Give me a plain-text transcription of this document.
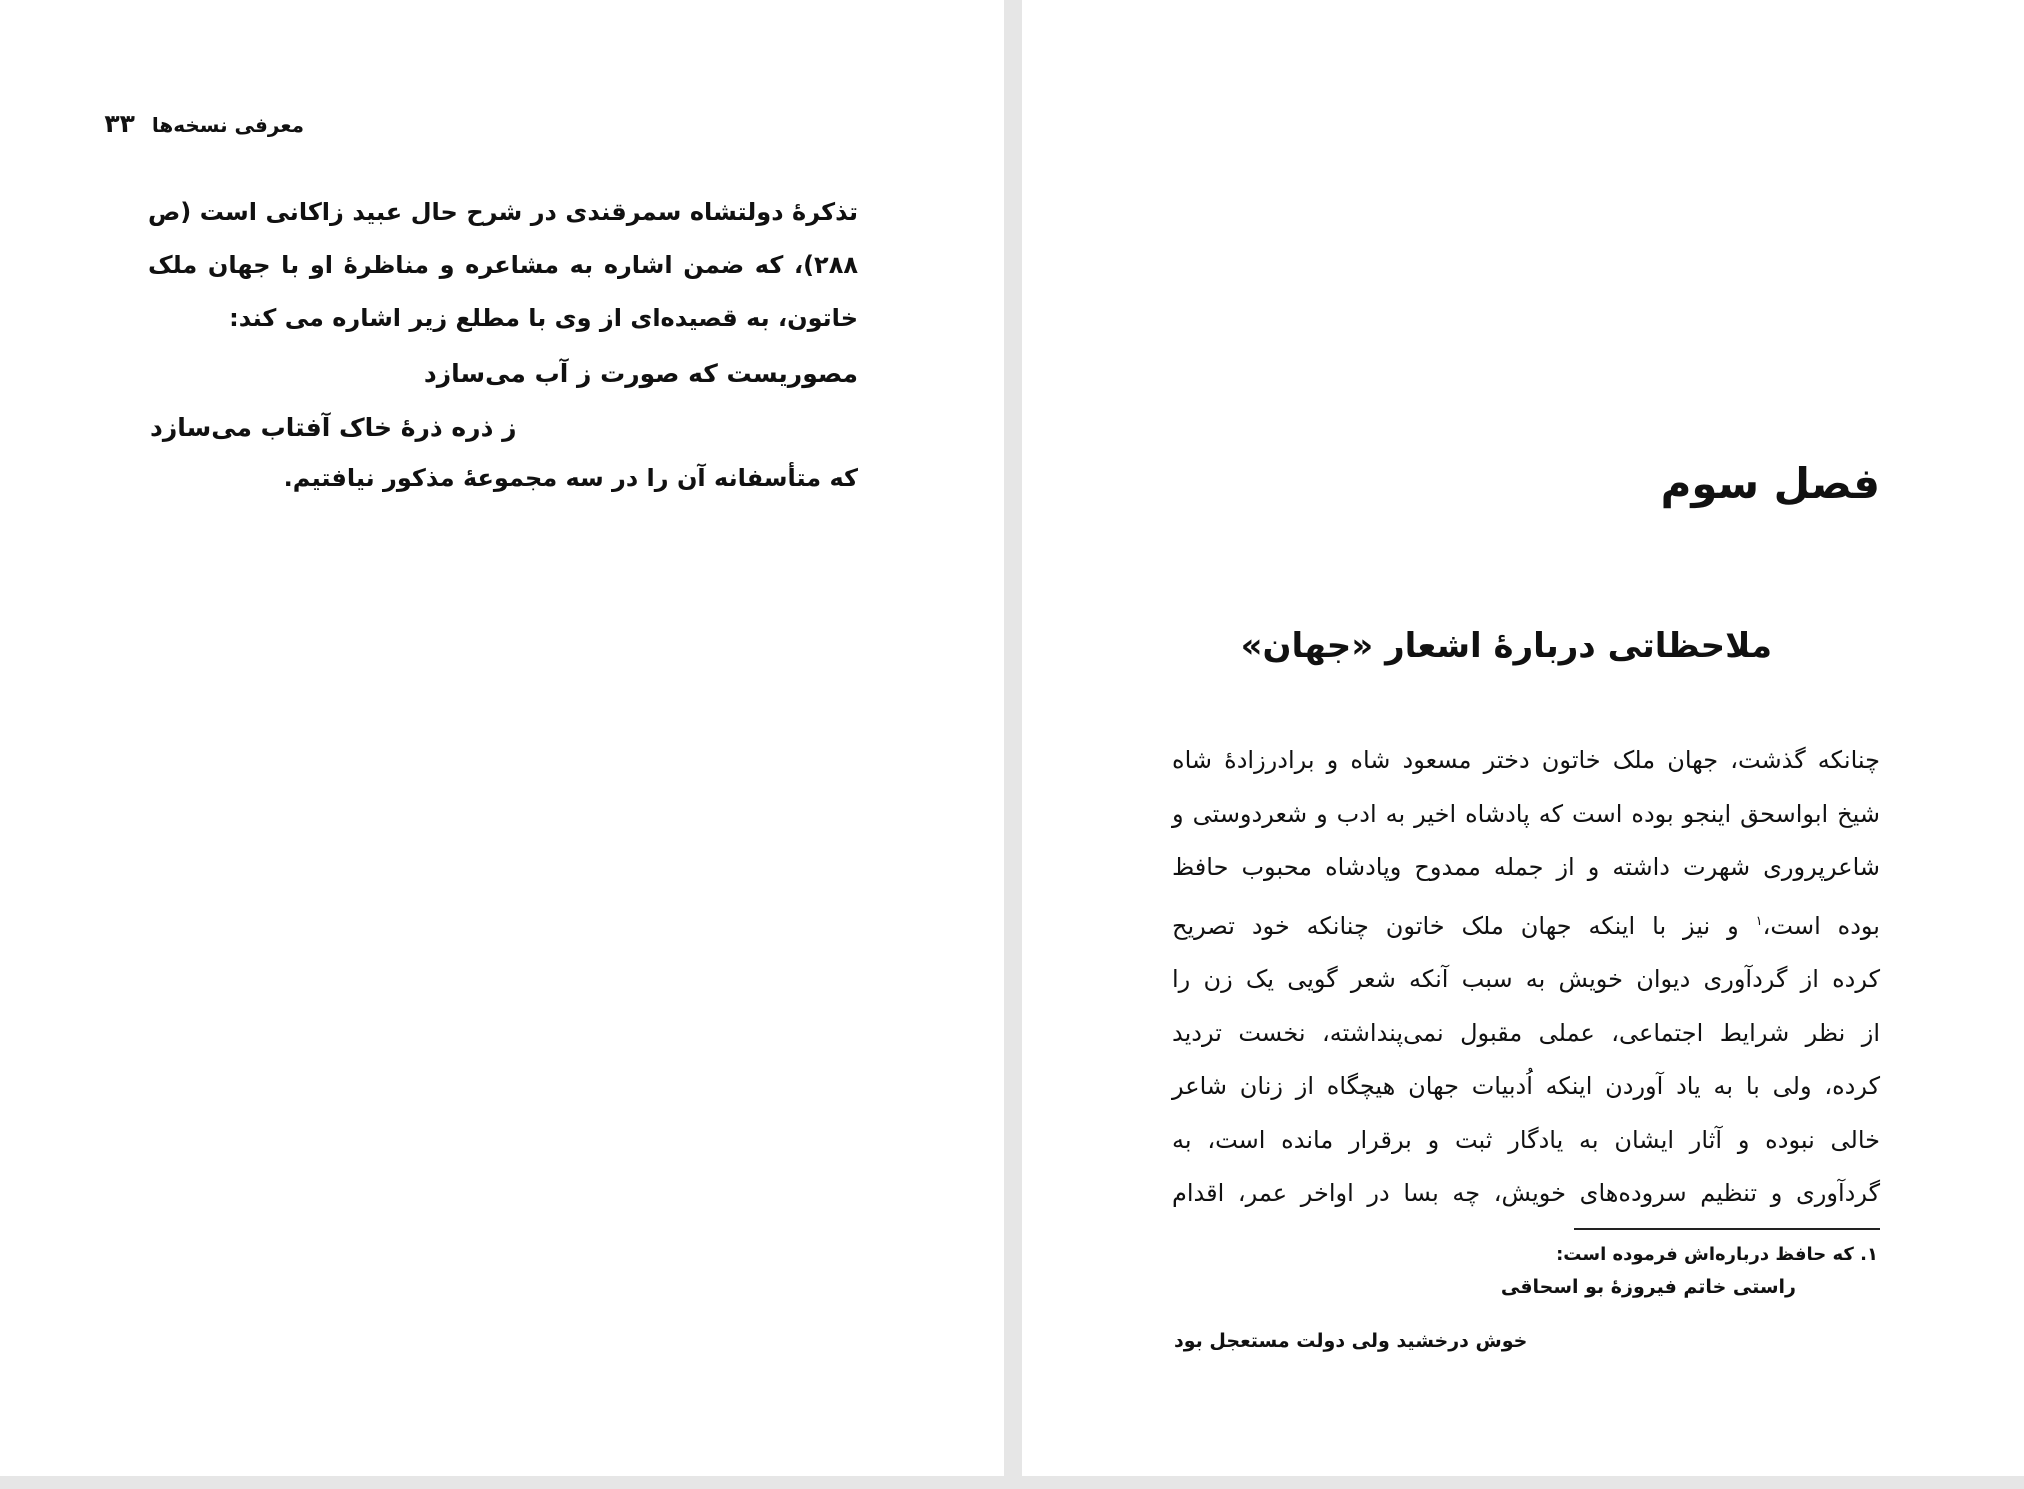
معرفی نسخه‌ها ۳۳

تذکرهٔ دولتشاه سمرقندی در شرح حال عبید زاکانی است (ص ۲۸۸)، که ضمن اشاره به مشاعره و مناظرهٔ او با جهان ملک خاتون، به قصیده‌ای از وی با مطلع زیر اشاره می کند:

مصوریست که صورت ز آب می‌سازد
ز ذره ذرهٔ خاک آفتاب می‌سازد
که متأسفانه آن را در سه مجموعهٔ مذکور نیافتیم.	فصل سوم
ملاحظاتی دربارهٔ اشعار «جهان»
چنانکه گذشت، جهان ملک خاتون دختر مسعود شاه و برادرزادهٔ شاه
شیخ ابواسحق اینجو بوده است که پادشاه اخیر به ادب و شعردوستی و
شاعرپروری شهرت داشته و از جمله ممدوح وپادشاه محبوب حافظ
بوده است،$^۱$ و نیز با اینکه جهان ملک خاتون چنانکه خود تصریح
کرده از گردآوری دیوان خویش به سبب آنکه شعر گویی یک زن را
از نظر شرایط اجتماعی، عملی مقبول نمی‌پنداشته، نخست تردید
کرده، ولی با به یاد آوردن اینکه اُدبیات جهان هیچگاه از زنان شاعر
خالی نبوده و آثار ایشان به یادگار ثبت و برقرار مانده است، به
گردآوری و تنظیم سروده‌های خویش، چه بسا در اواخر عمر، اقدام
۱. که حافظ درباره‌اش فرموده است:
راستی خاتم فیروزهٔ بو اسحاقی
خوش درخشید ولی دولت مستعجل بود
